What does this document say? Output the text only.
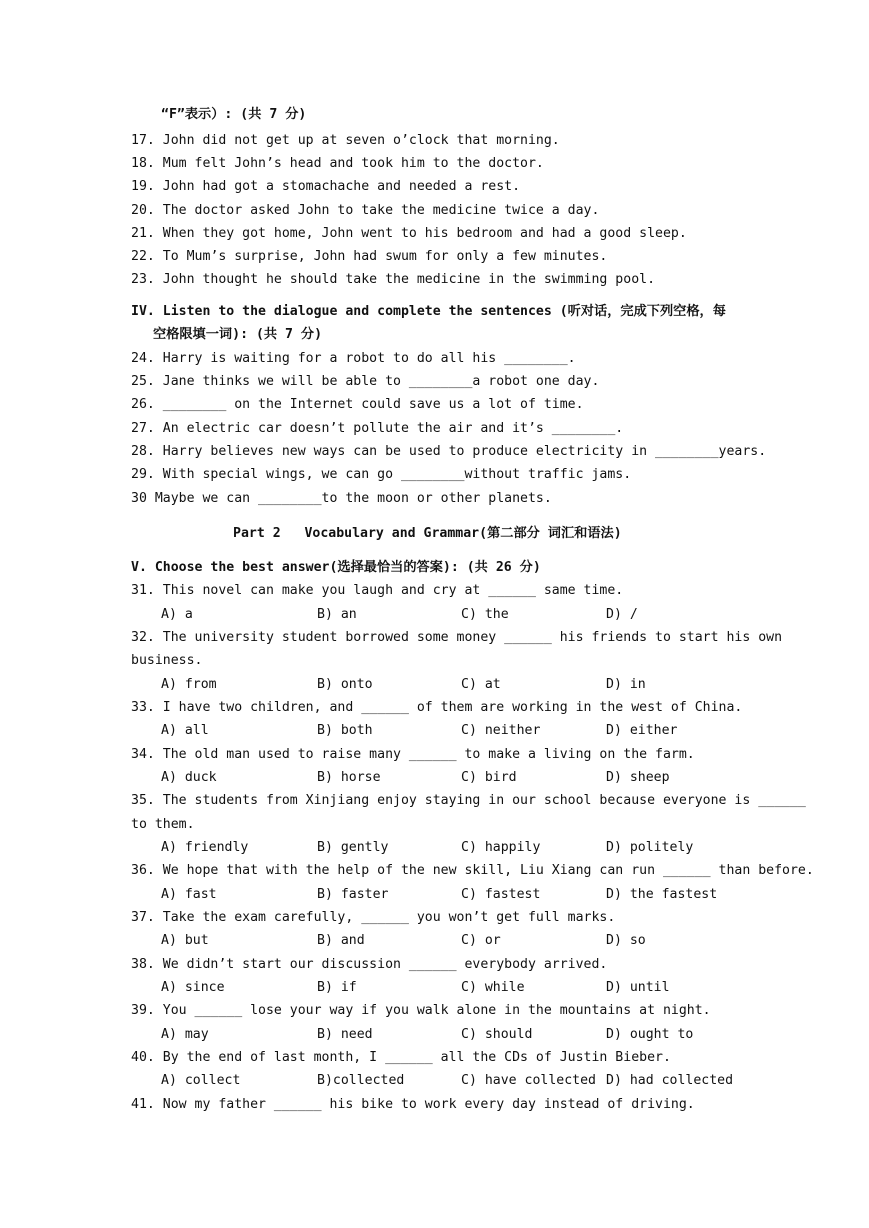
“F”表示）: (共 7 分)
17. John did not get up at seven o’clock that morning.
18. Mum felt John’s head and took him to the doctor.
19. John had got a stomachache and needed a rest.
20. The doctor asked John to take the medicine twice a day.
21. When they got home, John went to his bedroom and had a good sleep.
22. To Mum’s surprise, John had swum for only a few minutes.
23. John thought he should take the medicine in the swimming pool.
IV. Listen to the dialogue and complete the sentences (听对话，完成下列空格，每
空格限填一词): (共 7 分)
24. Harry is waiting for a robot to do all his ________.
25. Jane thinks we will be able to ________a robot one day.
26. ________ on the Internet could save us a lot of time.
27. An electric car doesn’t pollute the air and it’s ________.
28. Harry believes new ways can be used to produce electricity in ________years.
29. With special wings, we can go ________without traffic jams.
30 Maybe we can ________to the moon or other planets.
Part 2   Vocabulary and Grammar(第二部分 词汇和语法)
V. Choose the best answer(选择最恰当的答案): (共 26 分)
31. This novel can make you laugh and cry at ______ same time.

A) a

	B) an

	C) the

	D) /

32. The university student borrowed some money ______ his friends to start his own
business.

A) from

	B) onto

	C) at

	D) in

33. I have two children, and ______ of them are working in the west of China.

A) all

	B) both

	C) neither

	D) either

34. The old man used to raise many ______ to make a living on the farm.

A) duck

	B) horse

	C) bird

	D) sheep

35. The students from Xinjiang enjoy staying in our school because everyone is ______
to them.

A) friendly

	B) gently

	C) happily

	D) politely

36. We hope that with the help of the new skill, Liu Xiang can run ______ than before.

A) fast

	B) faster

	C) fastest

	D) the fastest

37. Take the exam carefully, ______ you won’t get full marks.

A) but

	B) and

	C) or

	D) so

38. We didn’t start our discussion ______ everybody arrived.

A) since

	B) if

	C) while

	D) until

39. You ______ lose your way if you walk alone in the mountains at night.

A) may

	B) need

	C) should

	D) ought to

40. By the end of last month, I ______ all the CDs of Justin Bieber.

A) collect

	B)collected

	C) have collected

D) had collected

41. Now my father ______ his bike to work every day instead of driving.
